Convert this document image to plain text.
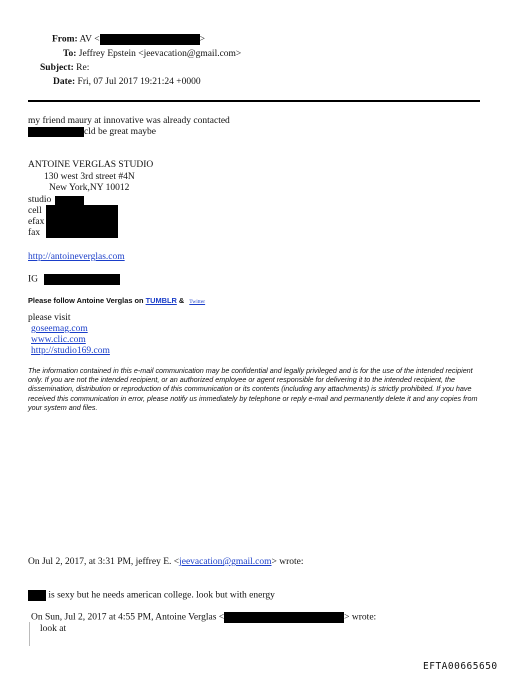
From: AV <	>
To: Jeffrey Epstein <jeevacation@gmail.com>
Subject: Re:
Date: Fri, 07 Jul 2017 19:21:24 +0000
my friend maury at innovative was already contacted
cld be great maybe
ANTOINE VERGLAS STUDIO
130 west 3rd street #4N
New York,NY 10012
studio
cell
efax
fax
http://antoineverglas.com
IG
Please follow Antoine Verglas on TUMBLR & Twitter
please visit
goseemag.com
www.clic.com
http://studio169.com
The information contained in this e-mail communication may be confidential and legally privileged and is for the use of the intended recipient only. If you are not the intended recipient, or an authorized employee or agent responsible for delivering it to the intended recipient, the dissemination, distribution or reproduction of this communication or its contents (including any attachments) is strictly prohibited. If you have received this communication in error, please notify us immediately by telephone or reply e-mail and permanently delete it and any copies from your system and files.
On Jul 2, 2017, at 3:31 PM, jeffrey E. <jeevacation@gmail.com> wrote:
is sexy but he needs american college. look but with energy
On Sun, Jul 2, 2017 at 4:55 PM, Antoine Verglas <	> wrote:
look at
EFTA00665650
